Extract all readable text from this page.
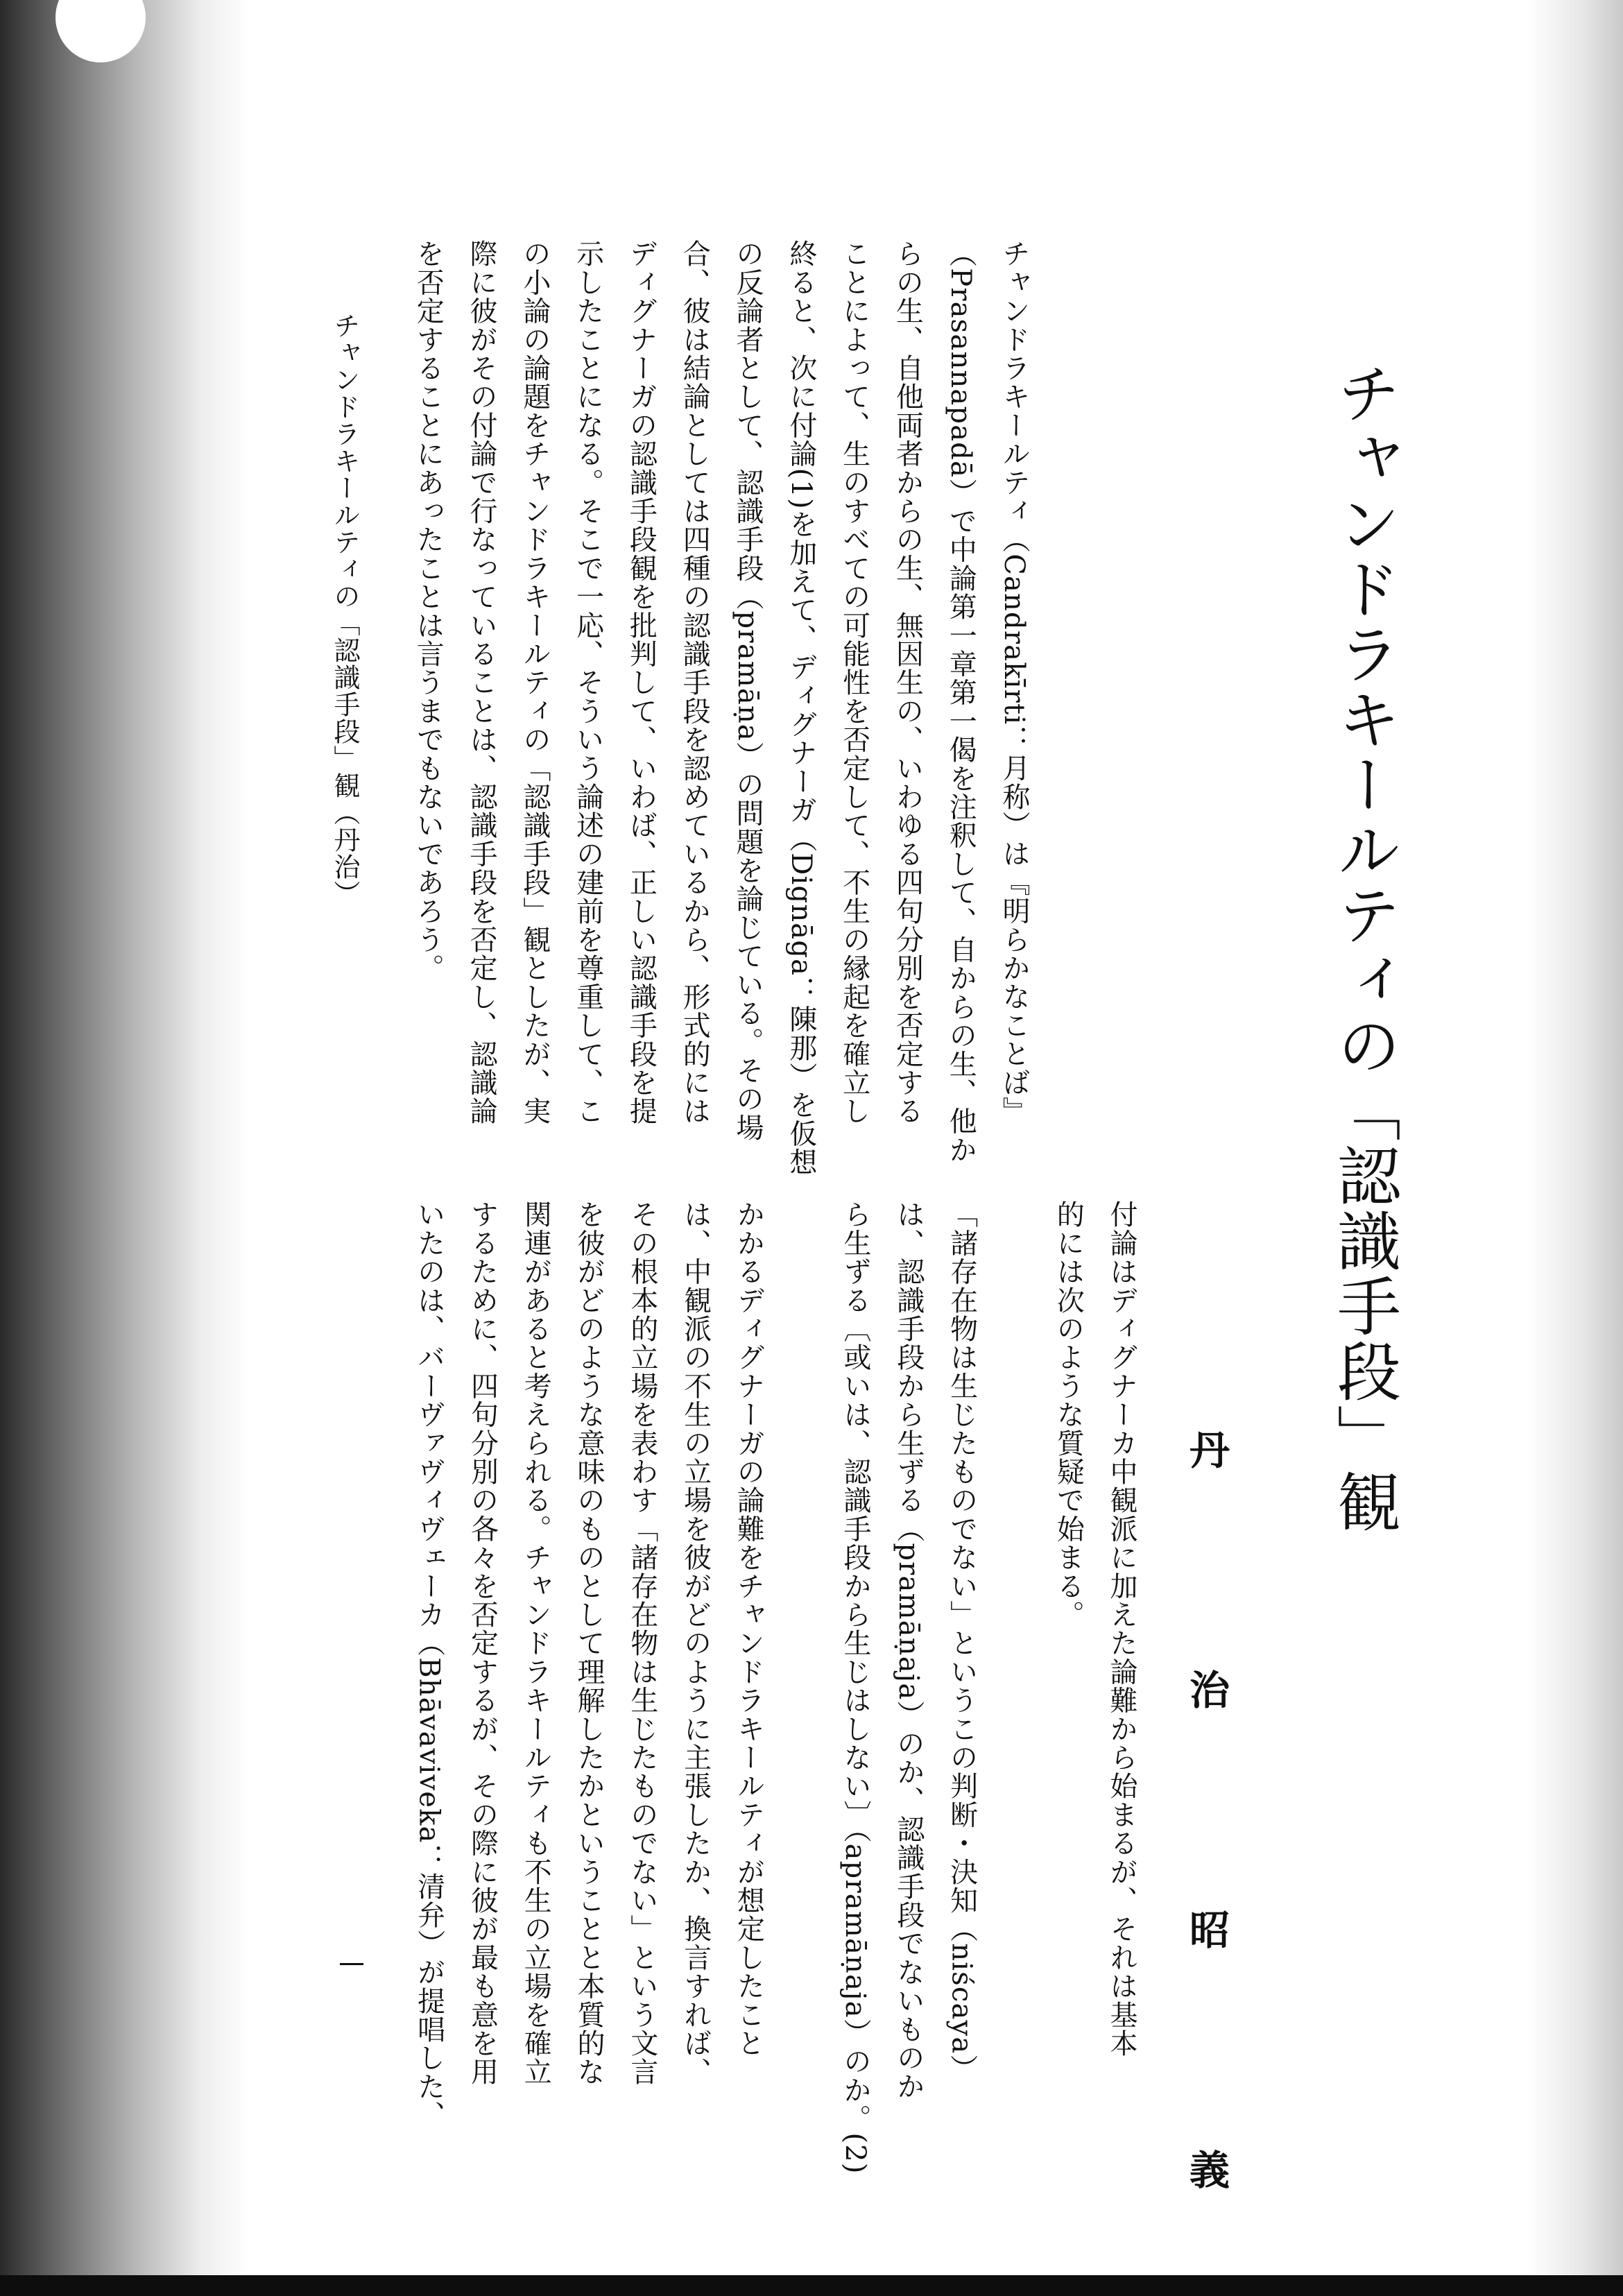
チャンドラキールティの「認識手段」観
丹　治　昭　義
チャンドラキールティ（Candrakīrti：月称）は『明らかなことば』
（Prasannapadā）で中論第一章第一偈を注釈して、自からの生、他か
らの生、自他両者からの生、無因生の、いわゆる四句分別を否定する
ことによって、生のすべての可能性を否定して、不生の縁起を確立し
終ると、次に付論(1)を加えて、ディグナーガ（Dignāga：陳那）を仮想
の反論者として、認識手段（pramāṇa）の問題を論じている。その場
合、彼は結論としては四種の認識手段を認めているから、形式的には
ディグナーガの認識手段観を批判して、いわば、正しい認識手段を提
示したことになる。そこで一応、そういう論述の建前を尊重して、こ
の小論の論題をチャンドラキールティの「認識手段」観としたが、実
際に彼がその付論で行なっていることは、認識手段を否定し、認識論
を否定することにあったことは言うまでもないであろう。
付論はディグナーカ中観派に加えた論難から始まるが、それは基本
的には次のような質疑で始まる。

「諸存在物は生じたものでない」というこの判断・決知（niścaya）
は、認識手段から生ずる（pramāṇaja）のか、認識手段でないものか
ら生ずる〔或いは、認識手段から生じはしない〕（apramāṇaja）のか。(2)

かかるディグナーガの論難をチャンドラキールティが想定したこと
は、中観派の不生の立場を彼がどのように主張したか、換言すれば、
その根本的立場を表わす「諸存在物は生じたものでない」という文言
を彼がどのような意味のものとして理解したかということと本質的な
関連があると考えられる。チャンドラキールティも不生の立場を確立
するために、四句分別の各々を否定するが、その際に彼が最も意を用
いたのは、バーヴァヴィヴェーカ（Bhāvaviveka：清弁）が提唱した、
チャンドラキールティの「認識手段」観（丹治）
